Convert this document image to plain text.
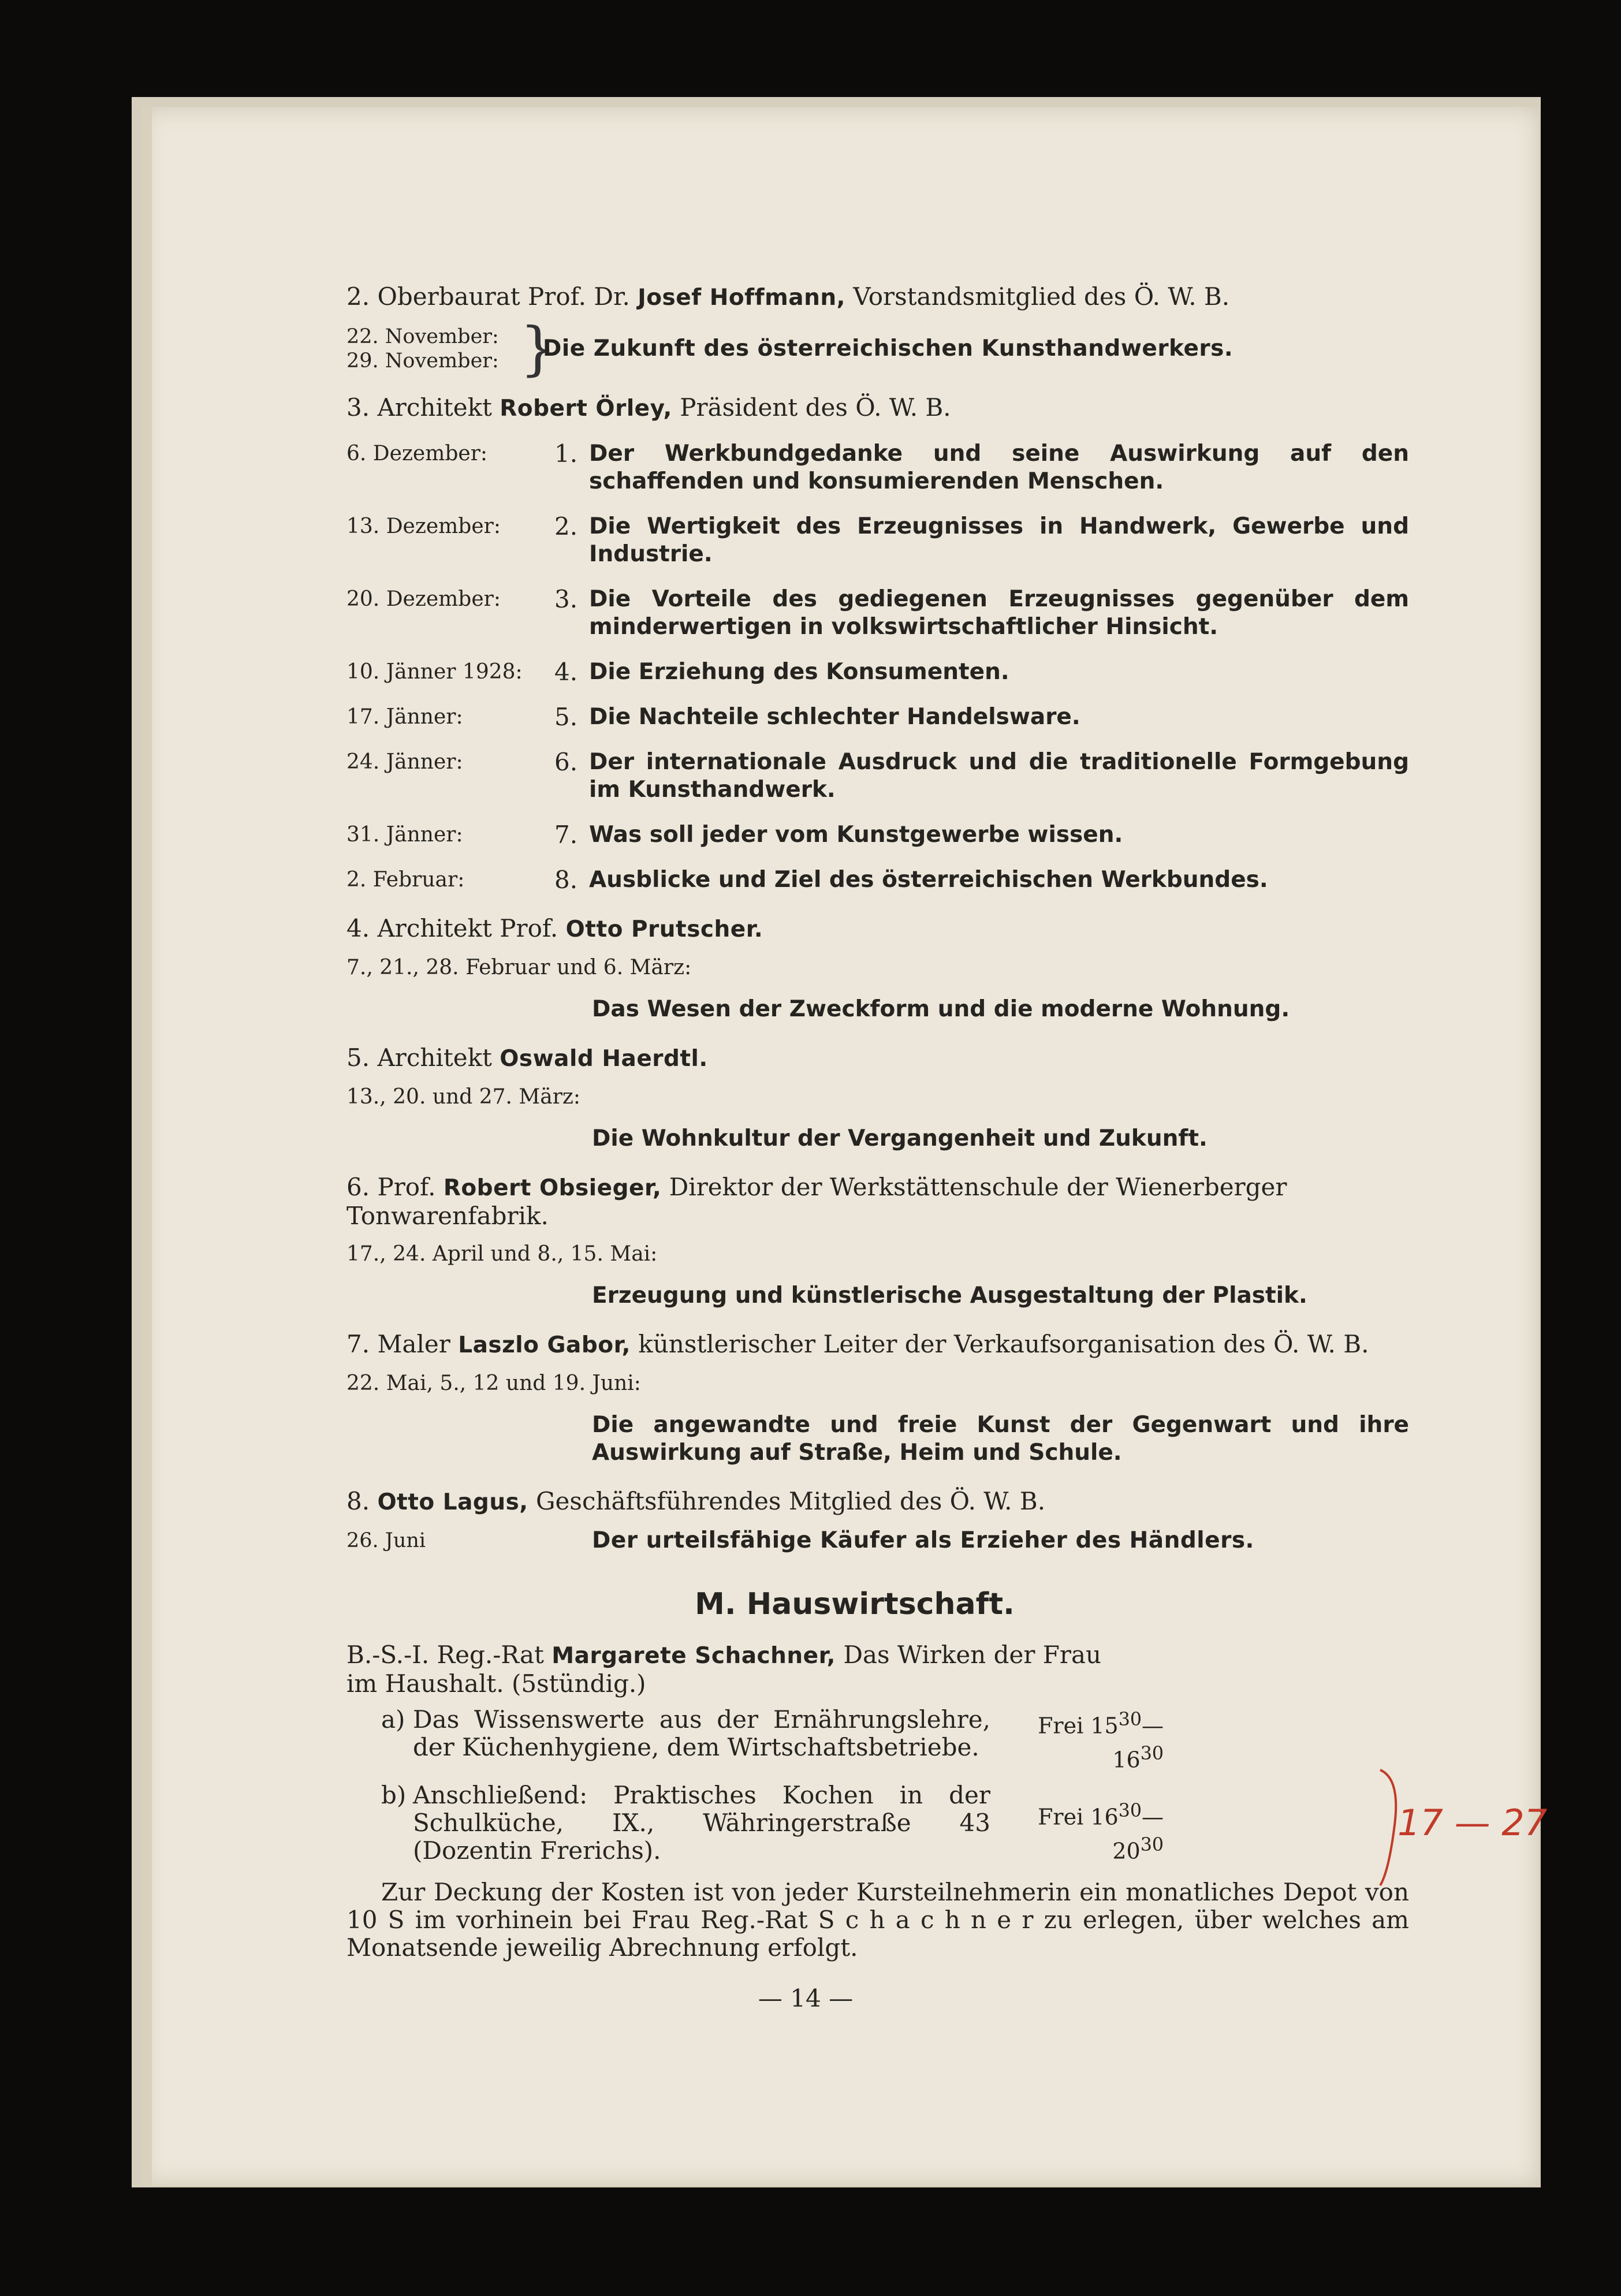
2. Oberbaurat Prof. Dr. Josef Hoffmann, Vorstandsmitglied des Ö. W. B.

22. November:
29. November: }
Die Zukunft des österreichischen Kunsthandwerkers.

3. Architekt Robert Örley, Präsident des Ö. W. B.

6. Dezember:	1. Der Werkbundgedanke und seine Auswirkung auf den schaffenden und konsumierenden Menschen.
13. Dezember:	2. Die Wertigkeit des Erzeugnisses in Handwerk, Gewerbe und Industrie.
20. Dezember:	3. Die Vorteile des gediegenen Erzeugnisses gegenüber dem minderwertigen in volkswirtschaftlicher Hinsicht.
10. Jänner 1928:	4. Die Erziehung des Konsumenten.
17. Jänner:	5. Die Nachteile schlechter Handelsware.
24. Jänner:	6. Der internationale Ausdruck und die traditionelle Formgebung im Kunsthandwerk.
31. Jänner:	7. Was soll jeder vom Kunstgewerbe wissen.
2. Februar:	8. Ausblicke und Ziel des österreichischen Werkbundes.

4. Architekt Prof. Otto Prutscher.

7., 21., 28. Februar und 6. März:

Das Wesen der Zweckform und die moderne Wohnung.

5. Architekt Oswald Haerdtl.

13., 20. und 27. März:

Die Wohnkultur der Vergangenheit und Zukunft.

6. Prof. Robert Obsieger, Direktor der Werkstättenschule der Wienerberger Tonwarenfabrik.

17., 24. April und 8., 15. Mai:

Erzeugung und künstlerische Ausgestaltung der Plastik.

7. Maler Laszlo Gabor, künstlerischer Leiter der Verkaufsorganisation des Ö. W. B.

22. Mai, 5., 12 und 19. Juni:

Die angewandte und freie Kunst der Gegenwart und ihre Auswirkung auf Straße, Heim und Schule.

8. Otto Lagus, Geschäftsführendes Mitglied des Ö. W. B.

26. Juni	Der urteilsfähige Käufer als Erzieher des Händlers.
M. Hauswirtschaft.
B.-S.-I. Reg.-Rat Margarete Schachner, Das Wirken der Frau im Haushalt. (5stündig.)
a) Das Wissenswerte aus der Ernährungslehre, der Küchenhygiene, dem Wirtschaftsbetriebe.
Frei $15^{30}—16^{30}$
b) Anschließend: Praktisches Kochen in der Schulküche, IX., Währingerstraße 43 (Dozentin Frerichs).
Frei $16^{30}—20^{30}$

Zur Deckung der Kosten ist von jeder Kursteilnehmerin ein monatliches Depot von 10 S im vorhinein bei Frau Reg.-Rat S c h a c h n e r zu erlegen, über welches am Monatsende jeweilig Abrechnung erfolgt.

— 14 —

17 — 27
